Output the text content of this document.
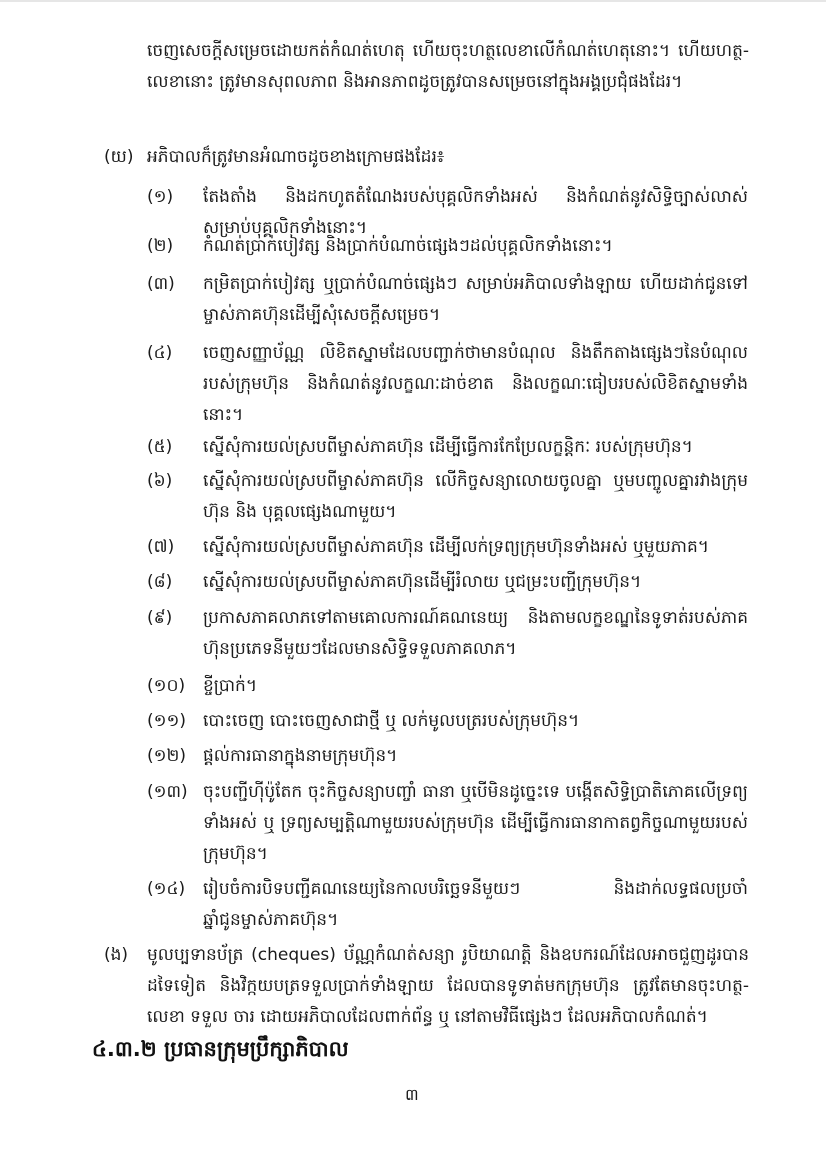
ចេញសេចក្ដីសម្រេចដោយកត់កំណត់ហេតុ ហើយចុះហត្ថលេខាលើកំណត់ហេតុនោះ។ ហើយហត្ថ-លេខានោះ ត្រូវមានសុពលភាព និងអានភាពដូចត្រូវបានសម្រេចនៅក្នុងអង្គប្រជុំផងដែរ។
(យ) អភិបាលក៏ត្រូវមានអំណាចដូចខាងក្រោមផងដែរ៖
(១) តែងតាំង និងដកហូតតំណែងរបស់បុគ្គលិកទាំងអស់ និងកំណត់នូវសិទ្ធិច្បាស់លាស់សម្រាប់បុគ្គលិកទាំងនោះ។
(២) កំណត់ប្រាក់បៀវត្ស និងប្រាក់បំណាច់ផ្សេងៗដល់បុគ្គលិកទាំងនោះ។
(៣) កម្រិតប្រាក់បៀវត្ស ឬប្រាក់បំណាច់ផ្សេងៗ សម្រាប់អភិបាលទាំងឡាយ ហើយដាក់ជូនទៅម្ចាស់ភាគហ៊ុនដើម្បីសុំសេចក្ដីសម្រេច។
(៤) ចេញសញ្ញាប័ណ្ណ លិខិតស្នាមដែលបញ្ជាក់ថាមានបំណុល និងតឹកតាងផ្សេងៗនៃបំណុលរបស់ក្រុមហ៊ុន និងកំណត់នូវលក្ខណៈដាច់ខាត និងលក្ខណៈធៀបរបស់លិខិតស្នាមទាំងនោះ។
(៥) ស្នើសុំការយល់ស្របពីម្ចាស់ភាគហ៊ុន ដើម្បីធ្វើការកែប្រែលក្ខន្តិកៈ របស់ក្រុមហ៊ុន។
(៦) ស្នើសុំការយល់ស្របពីម្ចាស់ភាគហ៊ុន លើកិច្ចសន្យាលោយចូលគ្នា ឬមបញ្ចូលគ្នារវាងក្រុមហ៊ុន និង បុគ្គលផ្សេងណាមួយ។
(៧) ស្នើសុំការយល់ស្របពីម្ចាស់ភាគហ៊ុន ដើម្បីលក់ទ្រព្យក្រុមហ៊ុនទាំងអស់ ឬមួយភាគ។
(៨) ស្នើសុំការយល់ស្របពីម្ចាស់ភាគហ៊ុនដើម្បីរំលាយ ឬជម្រះបញ្ជីក្រុមហ៊ុន។
(៩) ប្រកាសភាគលាភទៅតាមគោលការណ៍គណនេយ្យ និងតាមលក្ខខណ្ឌនៃទូទាត់របស់ភាគហ៊ុនប្រភេទនីមួយៗដែលមានសិទ្ធិទទួលភាគលាភ។
(១០) ខ្ចីប្រាក់។
(១១) បោះចេញ បោះចេញសាជាថ្មី ឬ លក់មូលបត្ររបស់ក្រុមហ៊ុន។
(១២) ផ្ដល់ការធានាក្នុងនាមក្រុមហ៊ុន។
(១៣) ចុះបញ្ជីហ៊ីប៉ូតែក ចុះកិច្ចសន្យាបញ្ចាំ ធានា ឬបើមិនដូច្នេះទេ បង្កើតសិទ្ធិប្រាតិភោគលើទ្រព្យទាំងអស់ ឬ ទ្រព្យសម្បត្តិណាមួយរបស់ក្រុមហ៊ុន ដើម្បីធ្វើការធានាកាតព្វកិច្ចណាមួយរបស់ក្រុមហ៊ុន។
(១៤) រៀបចំការបិទបញ្ជីគណនេយ្យនៃកាលបរិច្ឆេទនីមួយៗ និងដាក់លទ្ធផលប្រចាំឆ្នាំជូនម្ចាស់ភាគហ៊ុន។
(ង) មូលប្បទានប័ត្រ (cheques) ប័ណ្ណកំណត់សន្យា រូបិយាណត្តិ និងឧបករណ៍ដែលអាចជួញដូរបានដទៃទៀត និងវិក្កយបត្រទទួលប្រាក់ទាំងឡាយ ដែលបានទូទាត់មកក្រុមហ៊ុន ត្រូវតែមានចុះហត្ថ-លេខា ទទួល ចារ ដោយអភិបាលដែលពាក់ព័ន្ធ ឬ នៅតាមវិធីផ្សេងៗ ដែលអភិបាលកំណត់។
៤.៣.២ ប្រធានក្រុមប្រឹក្សាភិបាល
៣
